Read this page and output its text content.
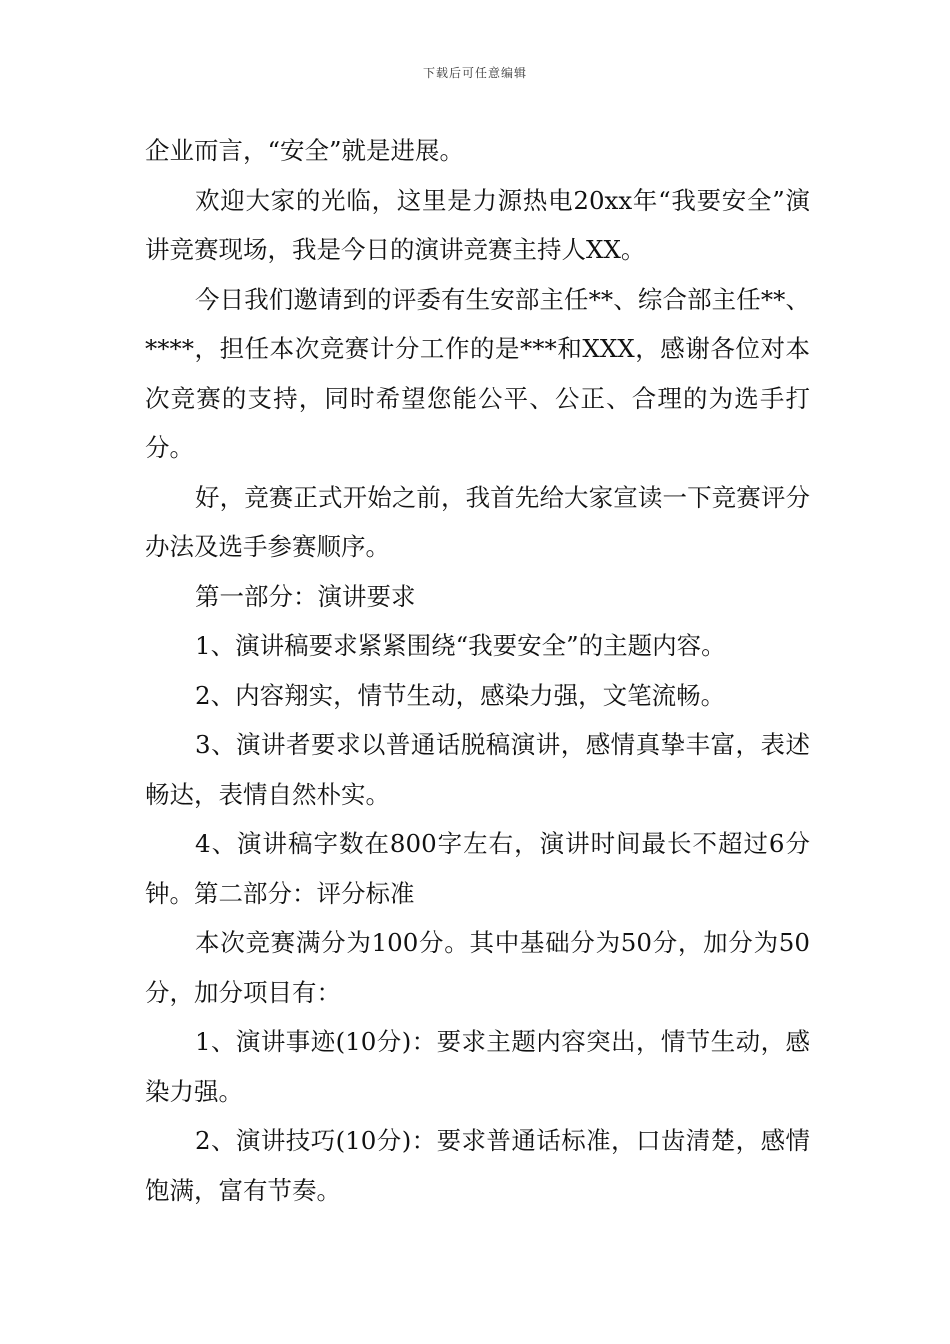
下载后可任意编辑

企业而言，“安全”就是进展。

欢迎大家的光临，这里是力源热电20xx年“我要安全”演讲竞赛现场，我是今日的演讲竞赛主持人XX。

今日我们邀请到的评委有生安部主任**、综合部主任**、****，担任本次竞赛计分工作的是***和XXX，感谢各位对本次竞赛的支持，同时希望您能公平、公正、合理的为选手打分。

好，竞赛正式开始之前，我首先给大家宣读一下竞赛评分办法及选手参赛顺序。

第一部分：演讲要求

1、演讲稿要求紧紧围绕“我要安全”的主题内容。

2、内容翔实，情节生动，感染力强，文笔流畅。

3、演讲者要求以普通话脱稿演讲，感情真挚丰富，表述畅达，表情自然朴实。

4、演讲稿字数在800字左右，演讲时间最长不超过6分钟。第二部分：评分标准

本次竞赛满分为100分。其中基础分为50分，加分为50分，加分项目有：

1、演讲事迹(10分)：要求主题内容突出，情节生动，感染力强。

2、演讲技巧(10分)：要求普通话标准，口齿清楚，感情饱满，富有节奏。
